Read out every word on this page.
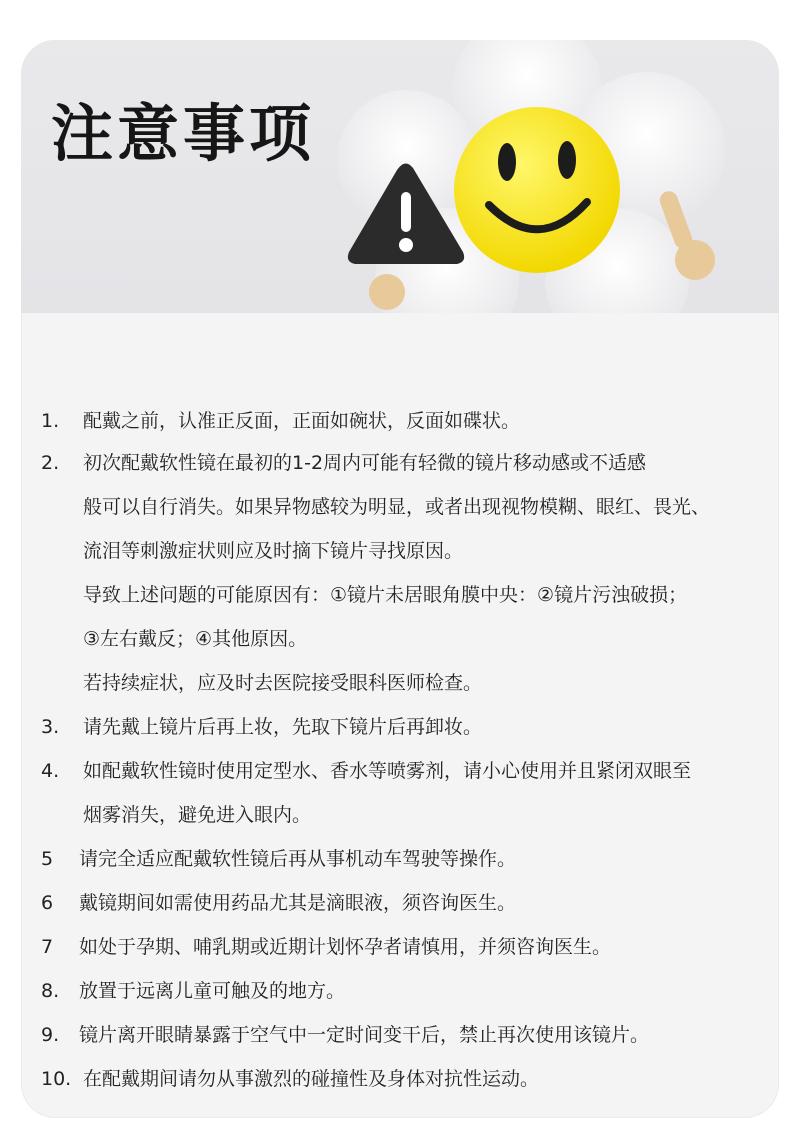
注意事项
1. 配戴之前，认准正反面，正面如碗状，反面如碟状。
2. 初次配戴软性镜在最初的1-2周内可能有轻微的镜片移动感或不适感
般可以自行消失。如果异物感较为明显，或者出现视物模糊、眼红、畏光、
流泪等刺激症状则应及时摘下镜片寻找原因。
导致上述问题的可能原因有：①镜片未居眼角膜中央：②镜片污浊破损；
③左右戴反；④其他原因。
若持续症状，应及时去医院接受眼科医师检查。
3. 请先戴上镜片后再上妆，先取下镜片后再卸妆。
4. 如配戴软性镜时使用定型水、香水等喷雾剂，请小心使用并且紧闭双眼至
烟雾消失，避免进入眼内。
5 请完全适应配戴软性镜后再从事机动车驾驶等操作。
6 戴镜期间如需使用药品尤其是滴眼液，须咨询医生。
7 如处于孕期、哺乳期或近期计划怀孕者请慎用，并须咨询医生。
8. 放置于远离儿童可触及的地方。
9. 镜片离开眼睛暴露于空气中一定时间变干后，禁止再次使用该镜片。
10. 在配戴期间请勿从事激烈的碰撞性及身体对抗性运动。
